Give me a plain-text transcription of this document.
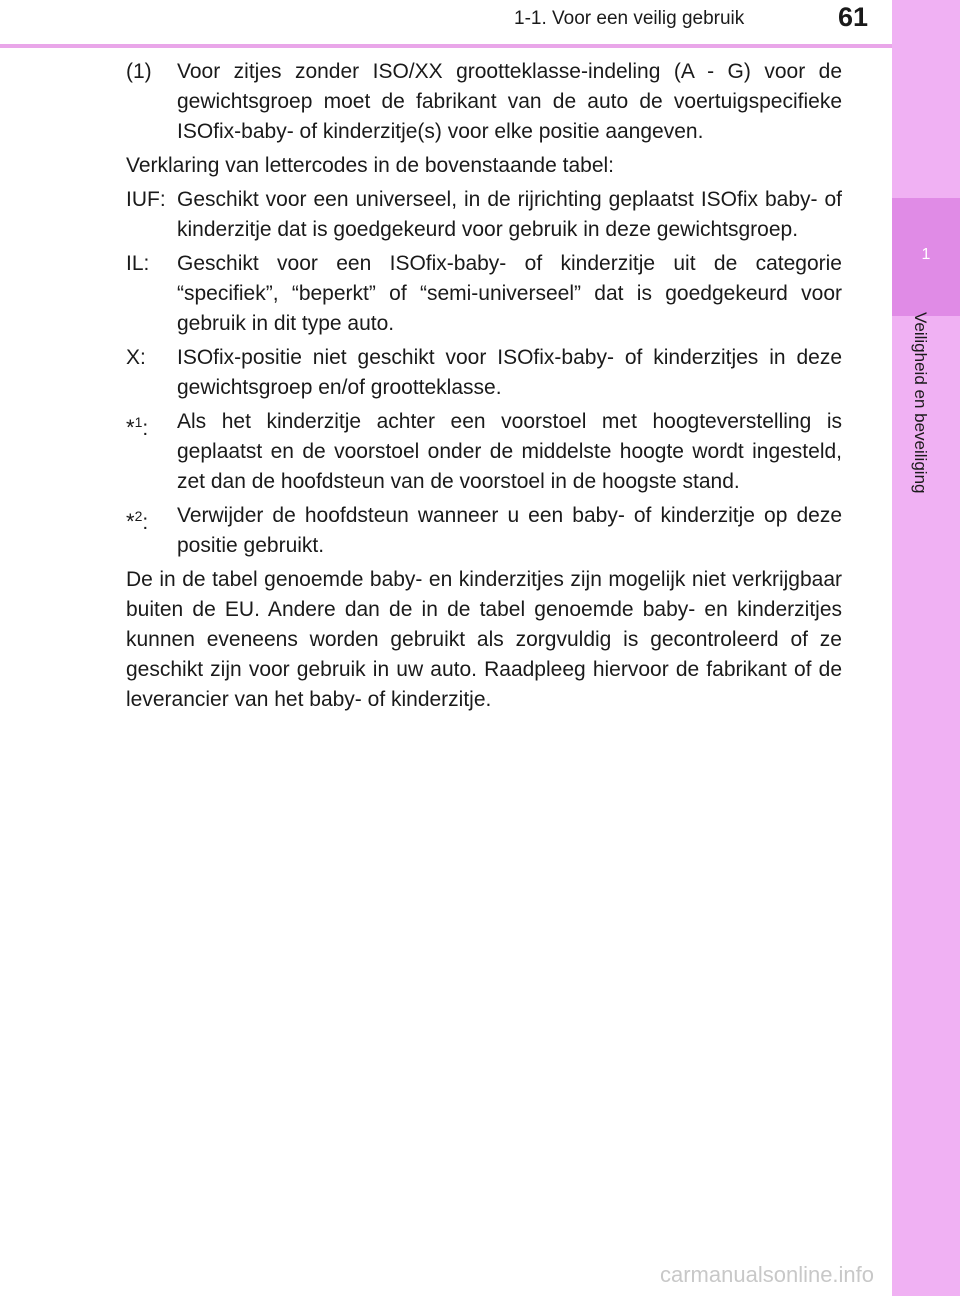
1-1. Voor een veilig gebruik	61
1
Veiligheid en beveiliging
(1)	Voor zitjes zonder ISO/XX grootteklasse-indeling (A - G) voor de gewichtsgroep moet de fabrikant van de auto de voertuigspecifieke ISOfix-baby- of kinderzitje(s) voor elke positie aangeven.
Verklaring van lettercodes in de bovenstaande tabel:
IUF: Geschikt voor een universeel, in de rijrichting geplaatst ISOfix baby- of kinderzitje dat is goedgekeurd voor gebruik in deze gewichtsgroep.
IL:	Geschikt voor een ISOfix-baby- of kinderzitje uit de categorie “specifiek”, “beperkt” of “semi-universeel” dat is goedgekeurd voor gebruik in dit type auto.
X:	ISOfix-positie niet geschikt voor ISOfix-baby- of kinderzitjes in deze gewichtsgroep en/of grootteklasse.
*$^1$:	Als het kinderzitje achter een voorstoel met hoogteverstelling is geplaatst en de voorstoel onder de middelste hoogte wordt ingesteld, zet dan de hoofdsteun van de voorstoel in de hoogste stand.
*$^2$:	Verwijder de hoofdsteun wanneer u een baby- of kinderzitje op deze positie gebruikt.
De in de tabel genoemde baby- en kinderzitjes zijn mogelijk niet verkrijgbaar buiten de EU. Andere dan de in de tabel genoemde baby- en kinderzitjes kunnen eveneens worden gebruikt als zorgvuldig is gecontroleerd of ze geschikt zijn voor gebruik in uw auto. Raadpleeg hiervoor de fabrikant of de leverancier van het baby- of kinderzitje.
carmanualsonline.info
